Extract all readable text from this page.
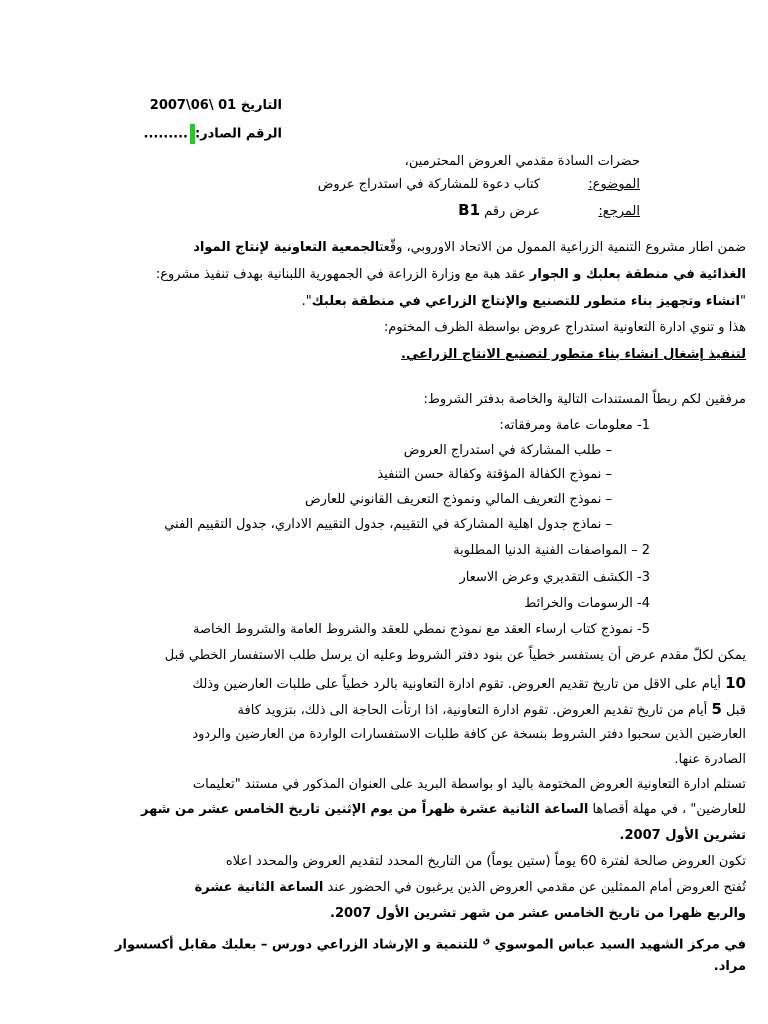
التاريخ 01 \06\2007
الرقم الصادر:.........
حضرات السادة مقدمي العروض المحترمين،
الموضوع:  كتاب دعوة للمشاركة في استدراج عروض
المرجع:  عرض رقم B1
ضمن اطار مشروع التنمية الزراعية الممول من الاتحاد الاوروبي، وقّعتالجمعية التعاونية لإنتاج المواد
الغذائية في منطقة بعلبك و الجوار عقد هبة مع وزارة الزراعة في الجمهورية اللبنانية بهدف تنفيذ مشروع:
"انشاء وتجهيز بناء متطور للتصنيع والإنتاج الزراعي في منطقة بعلبك".
هذا و تنوي ادارة التعاونية استدراج عروض بواسطة الظرف المختوم:
لتنفيذ إشغال انشاء بناء متطور لتصنيع الانتاج الزراعي.
مرفقين لكم ربطاً المستندات التالية والخاصة بدفتر الشروط:
1- معلومات عامة ومرفقاته:
– طلب المشاركة في استدراج العروض
– نموذج الكفالة المؤقتة وكفالة حسن التنفيذ
– نموذج التعريف المالي ونموذج التعريف القانوني للعارض
– نماذج جدول اهلية المشاركة في التقييم، جدول التقييم الاداري، جدول التقييم الفني
2 – المواصفات الفنية الدنيا المطلوبة
3- الكشف التقديري وعرض الاسعار
4- الرسومات والخرائط
5- نموذج كتاب ارساء العقد مع نموذج نمطي للعقد والشروط العامة والشروط الخاصة
يمكن لكلّ مقدم عرض أن يستفسر خطياً عن بنود دفتر الشروط وعليه ان يرسل طلب الاستفسار الخطي قبل
10 أيام على الاقل من تاريخ تقديم العروض. تقوم ادارة التعاونية بالرد خطياً على طلبات العارضين وذلك
قبل 5 أيام من تاريخ تقديم العروض. تقوم ادارة التعاونية، اذا ارتأت الحاجة الى ذلك، بتزويد كافة
العارضين الذين سحبوا دفتر الشروط بنسخة عن كافة طلبات الاستفسارات الواردة من العارضين والردود
الصادرة عنها.
تستلم ادارة التعاونية العروض المختومة باليد او بواسطة البريد على العنوان المذكور في مستند "تعليمات
للعارضين" ، في مهلة أقصاها الساعة الثانية عشرة ظهراً من يوم الإثنين تاريخ الخامس عشر من شهر
تشرين الأول 2007.
تكون العروض صالحة لفترة 60 يوماً (ستين يوماً) من التاريخ المحدد لتقديم العروض والمحدد اعلاه
تُفتح العروض أمام الممثلين عن مقدمي العروض الذين يرغبون في الحضور عند الساعة الثانية عشرة
والربع ظهرا من تاريخ الخامس عشر من شهر تشرين الأول 2007.
في مركز الشهيد السيد عباس الموسوي $^ق$ للتنمية و الإرشاد الزراعي دورس – بعلبك مقابل أكسسوار
مراد.
